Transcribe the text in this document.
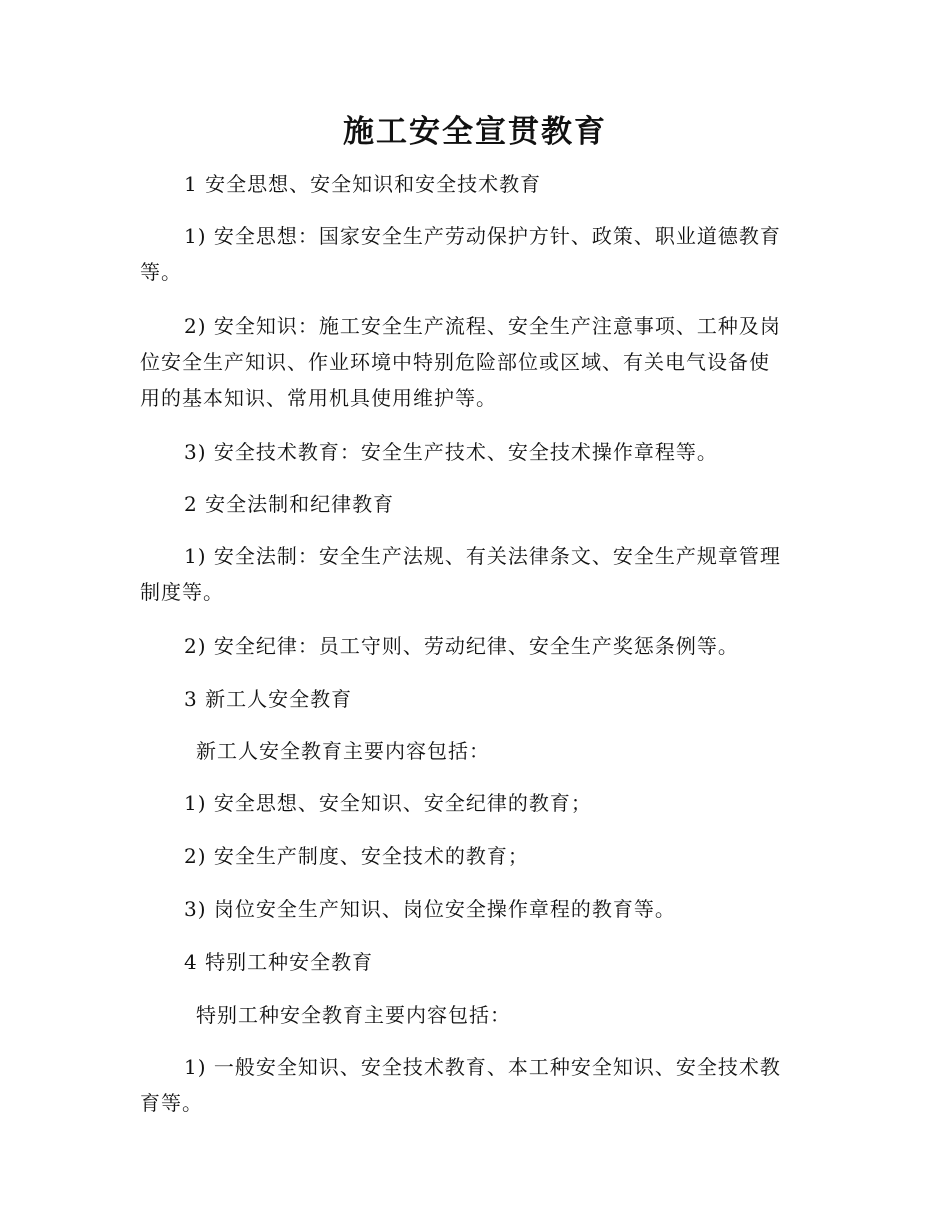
施工安全宣贯教育
1 安全思想、安全知识和安全技术教育
1) 安全思想：国家安全生产劳动保护方针、政策、职业道德教育
等。
2) 安全知识：施工安全生产流程、安全生产注意事项、工种及岗
位安全生产知识、作业环境中特别危险部位或区域、有关电气设备使
用的基本知识、常用机具使用维护等。
3) 安全技术教育：安全生产技术、安全技术操作章程等。
2 安全法制和纪律教育
1) 安全法制：安全生产法规、有关法律条文、安全生产规章管理
制度等。
2) 安全纪律：员工守则、劳动纪律、安全生产奖惩条例等。
3 新工人安全教育
新工人安全教育主要内容包括：
1) 安全思想、安全知识、安全纪律的教育；
2) 安全生产制度、安全技术的教育；
3) 岗位安全生产知识、岗位安全操作章程的教育等。
4 特别工种安全教育
特别工种安全教育主要内容包括：
1) 一般安全知识、安全技术教育、本工种安全知识、安全技术教
育等。
